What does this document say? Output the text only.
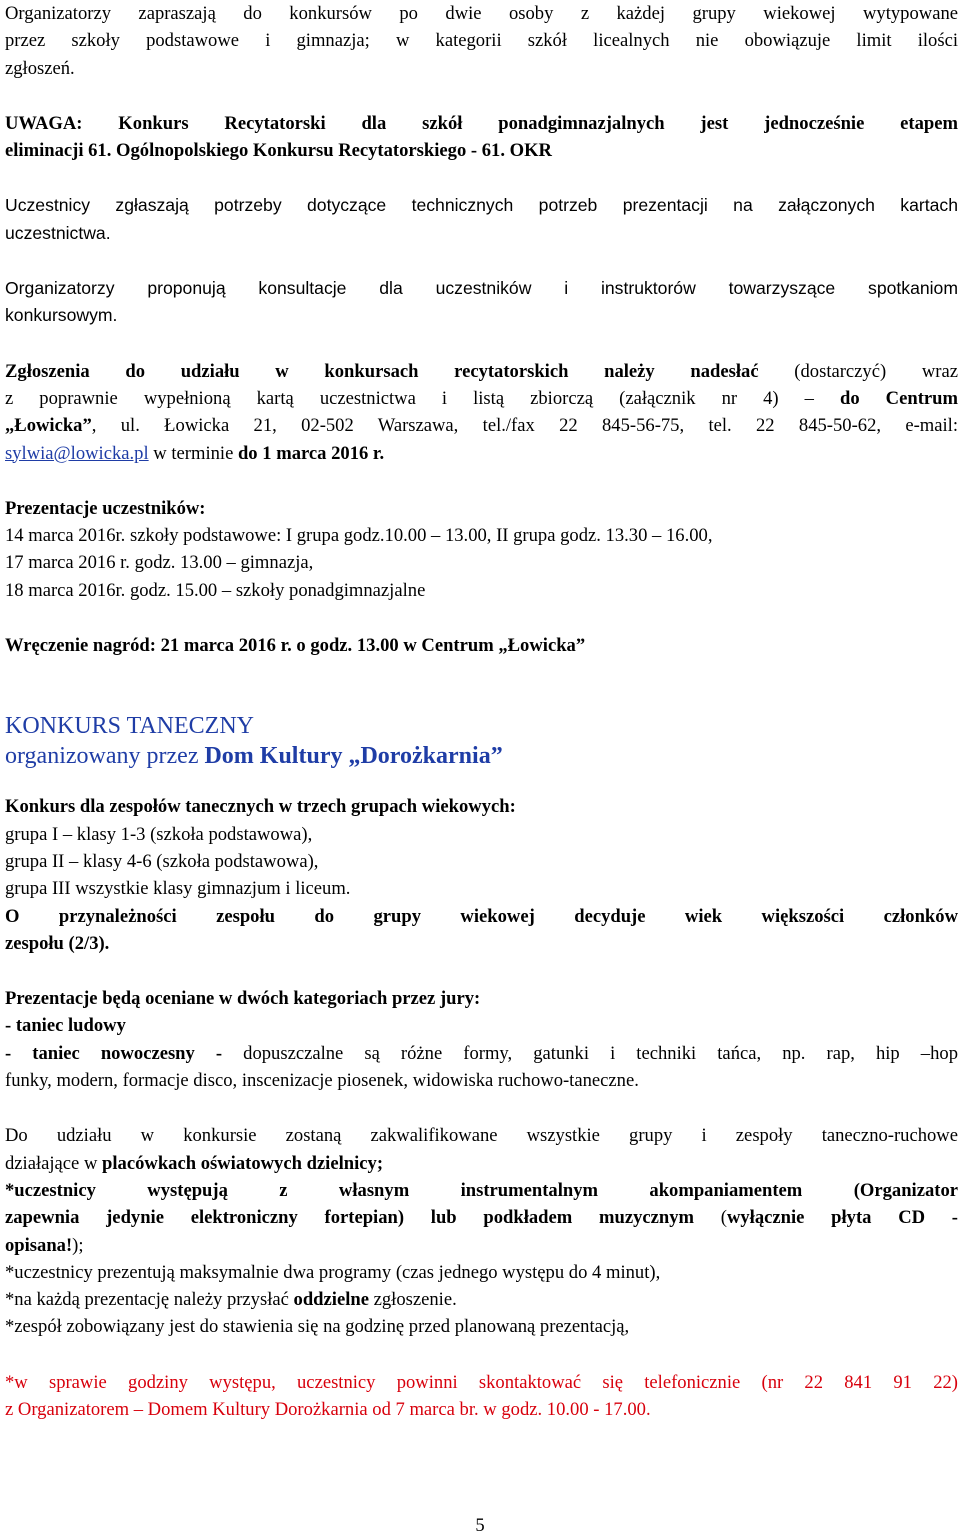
Organizatorzy zapraszają do konkursów po dwie osoby z każdej grupy wiekowej wytypowane

przez szkoły podstawowe i gimnazja; w kategorii szkół licealnych nie obowiązuje limit ilości

zgłoszeń.

UWAGA: Konkurs Recytatorski dla szkół ponadgimnazjalnych jest jednocześnie etapem

eliminacji 61. Ogólnopolskiego Konkursu Recytatorskiego - 61. OKR

Uczestnicy zgłaszają potrzeby dotyczące technicznych potrzeb prezentacji na załączonych kartach

uczestnictwa.

Organizatorzy proponują konsultacje dla uczestników i instruktorów towarzyszące spotkaniom

konkursowym.

Zgłoszenia do udziału w konkursach recytatorskich należy nadesłać (dostarczyć) wraz

z poprawnie wypełnioną kartą uczestnictwa i listą zbiorczą (załącznik nr 4) – do Centrum

„Łowicka”, ul. Łowicka 21, 02-502 Warszawa, tel./fax 22 845-56-75, tel. 22 845-50-62, e-mail:

sylwia@lowicka.pl w terminie do 1 marca 2016 r.

Prezentacje uczestników:

14 marca 2016r. szkoły podstawowe: I grupa godz.10.00 – 13.00, II grupa godz. 13.30 – 16.00,

17 marca 2016 r. godz. 13.00 – gimnazja,

18 marca 2016r. godz. 15.00 – szkoły ponadgimnazjalne

Wręczenie nagród: 21 marca 2016 r. o godz. 13.00 w Centrum „Łowicka”

KONKURS TANECZNY

organizowany przez Dom Kultury „Dorożkarnia”

Konkurs dla zespołów tanecznych w trzech grupach wiekowych:

grupa I – klasy 1-3 (szkoła podstawowa),

grupa II – klasy 4-6 (szkoła podstawowa),

grupa III wszystkie klasy gimnazjum i liceum.

O przynależności zespołu do grupy wiekowej decyduje wiek większości członków

zespołu (2/3).

Prezentacje będą oceniane w dwóch kategoriach przez jury:

- taniec ludowy

- taniec nowoczesny - dopuszczalne są różne formy, gatunki i techniki tańca, np. rap, hip –hop

funky, modern, formacje disco, inscenizacje piosenek, widowiska ruchowo-taneczne.

Do udziału w konkursie zostaną zakwalifikowane wszystkie grupy i zespoły taneczno-ruchowe

działające w placówkach oświatowych dzielnicy;

*uczestnicy występują z własnym instrumentalnym akompaniamentem (Organizator

zapewnia jedynie elektroniczny fortepian) lub podkładem muzycznym (wyłącznie płyta CD -

opisana!);

*uczestnicy prezentują maksymalnie dwa programy (czas jednego występu do 4 minut),

*na każdą prezentację należy przysłać oddzielne zgłoszenie.

*zespół zobowiązany jest do stawienia się na godzinę przed planowaną prezentacją,

*w sprawie godziny występu, uczestnicy powinni skontaktować się telefonicznie (nr 22 841 91 22)

z Organizatorem – Domem Kultury Dorożkarnia od 7 marca br. w godz. 10.00 - 17.00.

5
